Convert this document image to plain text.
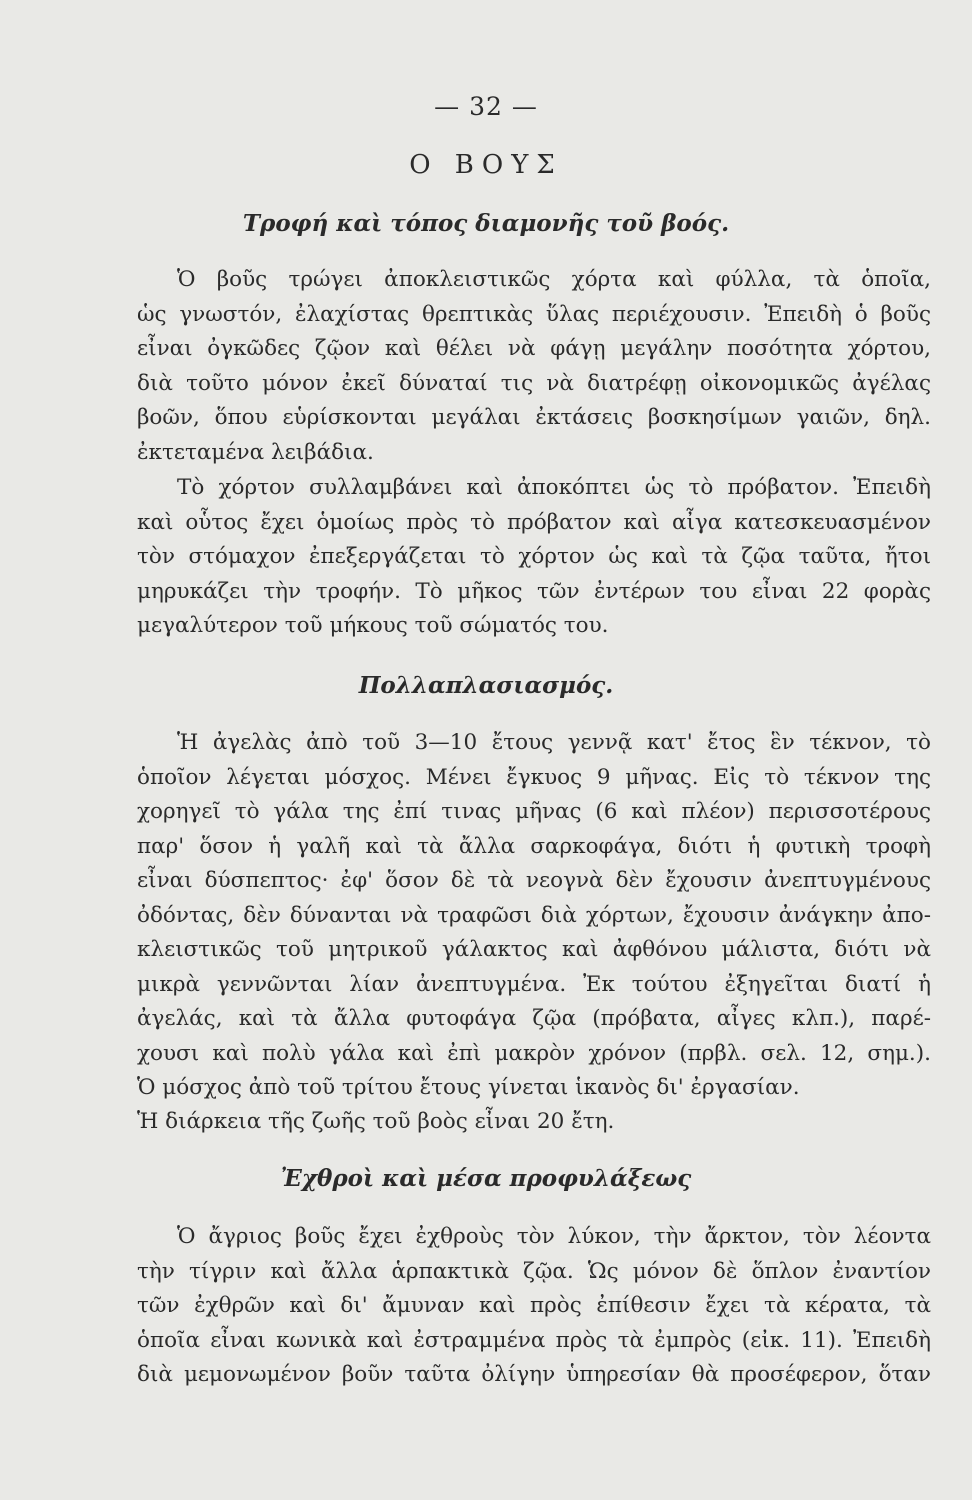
— 32 —
Ο ΒΟΥΣ
Τροφή καὶ τόπος διαμονῆς τοῦ βοός.

Ὁ βοῦς τρώγει ἀποκλειστικῶς χόρτα καὶ φύλλα, τὰ ὁποῖα,
ὡς γνωστόν, ἐλαχίστας θρεπτικὰς ὕλας περιέχουσιν. Ἐπειδὴ ὁ βοῦς
εἶναι ὀγκῶδες ζῷον καὶ θέλει νὰ φάγῃ μεγάλην ποσότητα χόρτου,
διὰ τοῦτο μόνον ἐκεῖ δύναταί τις νὰ διατρέφῃ οἰκονομικῶς ἀγέλας
βοῶν, ὅπου εὑρίσκονται μεγάλαι ἐκτάσεις βοσκησίμων γαιῶν, δηλ.
ἐκτεταμένα λειβάδια.

Τὸ χόρτον συλλαμβάνει καὶ ἀποκόπτει ὡς τὸ πρόβατον. Ἐπειδὴ
καὶ οὗτος ἔχει ὁμοίως πρὸς τὸ πρόβατον καὶ αἶγα κατεσκευασμένον
τὸν στόμαχον ἐπεξεργάζεται τὸ χόρτον ὡς καὶ τὰ ζῷα ταῦτα, ἤτοι
μηρυκάζει τὴν τροφήν. Τὸ μῆκος τῶν ἐντέρων του εἶναι 22 φορὰς
μεγαλύτερον τοῦ μήκους τοῦ σώματός του.

Πολλαπλασιασμός.

Ἡ ἀγελὰς ἀπὸ τοῦ 3—10 ἔτους γεννᾷ κατ' ἔτος ἓν τέκνον, τὸ
ὁποῖον λέγεται μόσχος. Μένει ἔγκυος 9 μῆνας. Εἰς τὸ τέκνον της
χορηγεῖ τὸ γάλα της ἐπί τινας μῆνας (6 καὶ πλέον) περισσοτέρους
παρ' ὅσον ἡ γαλῆ καὶ τὰ ἄλλα σαρκοφάγα, διότι ἡ φυτικὴ τροφὴ
εἶναι δύσπεπτος· ἐφ' ὅσον δὲ τὰ νεογνὰ δὲν ἔχουσιν ἀνεπτυγμένους
ὀδόντας, δὲν δύνανται νὰ τραφῶσι διὰ χόρτων, ἔχουσιν ἀνάγκην ἀπο-
κλειστικῶς τοῦ μητρικοῦ γάλακτος καὶ ἀφθόνου μάλιστα, διότι νὰ
μικρὰ γεννῶνται λίαν ἀνεπτυγμένα. Ἐκ τούτου ἐξηγεῖται διατί ἡ
ἀγελάς, καὶ τὰ ἄλλα φυτοφάγα ζῷα (πρόβατα, αἶγες κλπ.), παρέ-
χουσι καὶ πολὺ γάλα καὶ ἐπὶ μακρὸν χρόνον (πρβλ. σελ. 12, σημ.).

Ὁ μόσχος ἀπὸ τοῦ τρίτου ἔτους γίνεται ἱκανὸς δι' ἐργασίαν.

Ἡ διάρκεια τῆς ζωῆς τοῦ βοὸς εἶναι 20 ἔτη.

Ἐχθροὶ καὶ μέσα προφυλάξεως

Ὁ ἄγριος βοῦς ἔχει ἐχθροὺς τὸν λύκον, τὴν ἄρκτον, τὸν λέοντα
τὴν τίγριν καὶ ἄλλα ἁρπακτικὰ ζῷα. Ὡς μόνον δὲ ὅπλον ἐναντίον
τῶν ἐχθρῶν καὶ δι' ἄμυναν καὶ πρὸς ἐπίθεσιν ἔχει τὰ κέρατα, τὰ
ὁποῖα εἶναι κωνικὰ καὶ ἐστραμμένα πρὸς τὰ ἐμπρὸς (εἰκ. 11). Ἐπειδὴ
διὰ μεμονωμένον βοῦν ταῦτα ὀλίγην ὑπηρεσίαν θὰ προσέφερον, ὅταν
